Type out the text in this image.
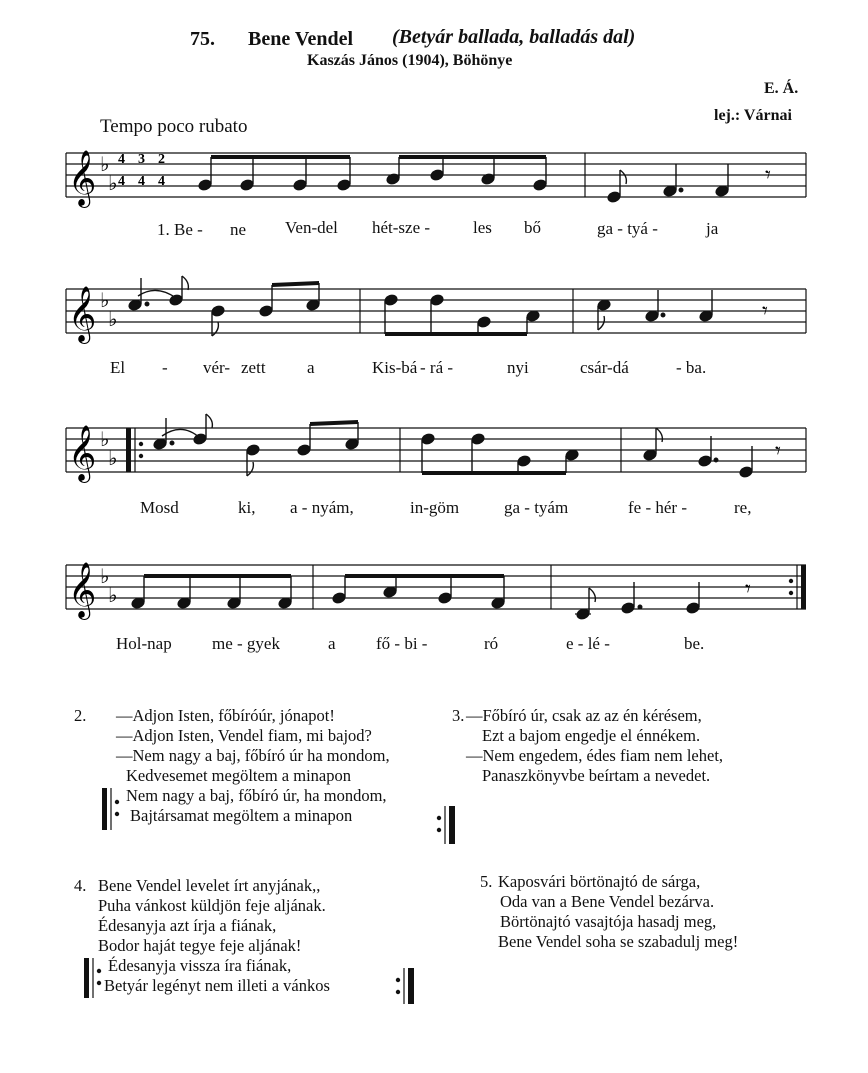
75. Bene Vendel (Betyár ballada, balladás dal)
Kaszás János (1904), Böhönye
E. Á.
lej.: Várnai
Tempo poco rubato
𝄞 ♭
♭
4
4
3
4
2
4	𝄾
1. Be - ne Ven-del hét-sze -	les bő	ga - tyá -	ja
𝄞 ♭
♭	𝄾
El - vér- zett a	Kis-bá - rá -	nyi	csár-dá	- ba.
𝄞 ♭
♭	𝄾
Mosd	ki, a - nyám,	in-göm	ga - tyám	fe - hér -	re,
𝄞 ♭
♭	𝄾
Hol-nap me - gyek	a fő - bi -	ró	e - lé -	be.
2. —Adjon Isten, főbíróúr, jónapot!
—Adjon Isten, Vendel fiam, mi bajod?
—Nem nagy a baj, főbíró úr ha mondom,
Kedvesemet megöltem a minapon
Nem nagy a baj, főbíró úr, ha mondom,
Bajtársamat megöltem a minapon
3. —Főbíró úr, csak az az én kérésem,
Ezt a bajom engedje el énnékem.
—Nem engedem, édes fiam nem lehet,
Panaszkönyvbe beírtam a nevedet.
4. Bene Vendel levelet írt anyjának,,
Puha vánkost küldjön feje aljának.
Édesanyja azt írja a fiának,
Bodor haját tegye feje aljának!
Édesanyja vissza írа fiának,
Betyár legényt nem illeti a vánkos
5. Kaposvári börtönajtó de sárga,
Oda van a Bene Vendel bezárva.
Börtönajtó vasajtója hasadj meg,
Bene Vendel soha se szabadulj meg!
